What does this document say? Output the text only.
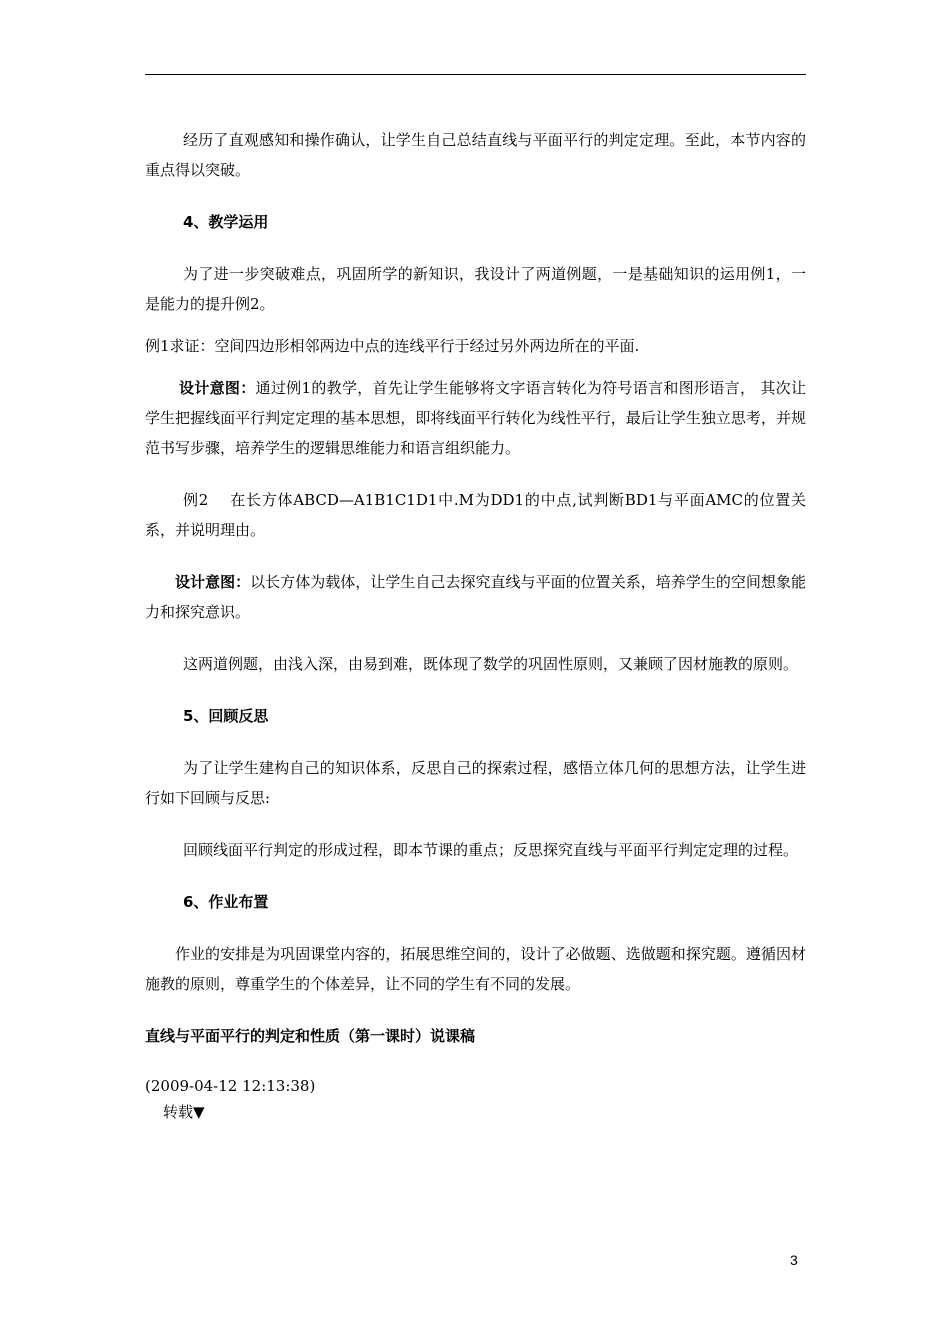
经历了直观感知和操作确认，让学生自己总结直线与平面平行的判定定理。至此，本节内容的重点得以突破。

4、教学运用

为了进一步突破难点，巩固所学的新知识，我设计了两道例题，一是基础知识的运用例1，一是能力的提升例2。

例1求证：空间四边形相邻两边中点的连线平行于经过另外两边所在的平面.

设计意图：通过例1的教学，首先让学生能够将文字语言转化为符号语言和图形语言， 其次让学生把握线面平行判定定理的基本思想，即将线面平行转化为线性平行，最后让学生独立思考，并规范书写步骤，培养学生的逻辑思维能力和语言组织能力。

例2　 在长方体ABCD—A1B1C1D1中.M为DD1的中点,试判断BD1与平面AMC的位置关系，并说明理由。

设计意图：以长方体为载体，让学生自己去探究直线与平面的位置关系，培养学生的空间想象能力和探究意识。

这两道例题，由浅入深，由易到难，既体现了数学的巩固性原则，又兼顾了因材施教的原则。

5、回顾反思

为了让学生建构自己的知识体系，反思自己的探索过程，感悟立体几何的思想方法，让学生进行如下回顾与反思:

回顾线面平行判定的形成过程，即本节课的重点；反思探究直线与平面平行判定定理的过程。

6、作业布置

作业的安排是为巩固课堂内容的，拓展思维空间的，设计了必做题、选做题和探究题。遵循因材施教的原则，尊重学生的个体差异，让不同的学生有不同的发展。

直线与平面平行的判定和性质（第一课时）说课稿

(2009-04-12 12:13:38)

转载▼

3
